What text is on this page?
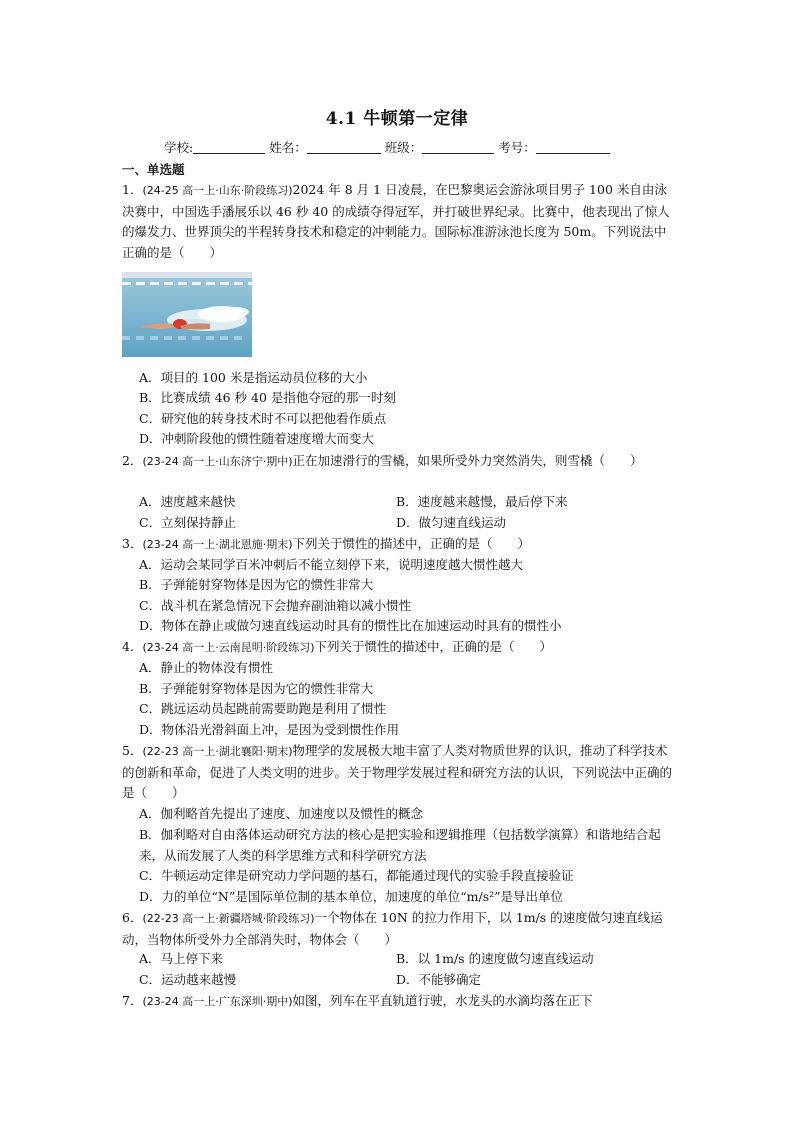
4.1 牛顿第一定律
学校:	姓名：	班级：	考号：
一、单选题
1．(24-25 高一上·山东·阶段练习)2024 年 8 月 1 日凌晨，在巴黎奥运会游泳项目男子 100 米自由泳决赛中，中国选手潘展乐以 46 秒 40 的成绩夺得冠军，并打破世界纪录。比赛中，他表现出了惊人的爆发力、世界顶尖的半程转身技术和稳定的冲刺能力。国际标准游泳池长度为 50m。下列说法中正确的是（　　）
A．项目的 100 米是指运动员位移的大小
B．比赛成绩 46 秒 40 是指他夺冠的那一时刻
C．研究他的转身技术时不可以把他看作质点
D．冲刺阶段他的惯性随着速度增大而变大
2．(23-24 高一上·山东济宁·期中)正在加速滑行的雪橇，如果所受外力突然消失，则雪橇（　　）
A．速度越来越快	B．速度越来越慢，最后停下来
C．立刻保持静止	D．做匀速直线运动
3．(23-24 高一上·湖北恩施·期末)下列关于惯性的描述中，正确的是（　　）
A．运动会某同学百米冲刺后不能立刻停下来，说明速度越大惯性越大
B．子弹能射穿物体是因为它的惯性非常大
C．战斗机在紧急情况下会抛弃副油箱以减小惯性
D．物体在静止或做匀速直线运动时具有的惯性比在加速运动时具有的惯性小
4．(23-24 高一上·云南昆明·阶段练习)下列关于惯性的描述中，正确的是（　　）
A．静止的物体没有惯性
B．子弹能射穿物体是因为它的惯性非常大
C．跳远运动员起跳前需要助跑是利用了惯性
D．物体沿光滑斜面上冲，是因为受到惯性作用
5．(22-23 高一上·湖北襄阳·期末)物理学的发展极大地丰富了人类对物质世界的认识，推动了科学技术的创新和革命，促进了人类文明的进步。关于物理学发展过程和研究方法的认识，下列说法中正确的是（　　）
A．伽利略首先提出了速度、加速度以及惯性的概念
B．伽利略对自由落体运动研究方法的核心是把实验和逻辑推理（包括数学演算）和谐地结合起来，从而发展了人类的科学思维方式和科学研究方法
C．牛顿运动定律是研究动力学问题的基石，都能通过现代的实验手段直接验证
D．力的单位“N”是国际单位制的基本单位，加速度的单位“m/s²”是导出单位
6．(22-23 高一上·新疆塔城·阶段练习)一个物体在 10N 的拉力作用下，以 1m/s 的速度做匀速直线运动，当物体所受外力全部消失时，物体会（　　）
A．马上停下来	B．以 1m/s 的速度做匀速直线运动
C．运动越来越慢	D．不能够确定
7．(23-24 高一上·广东深圳·期中)如图，列车在平直轨道行驶，水龙头的水滴均落在正下
